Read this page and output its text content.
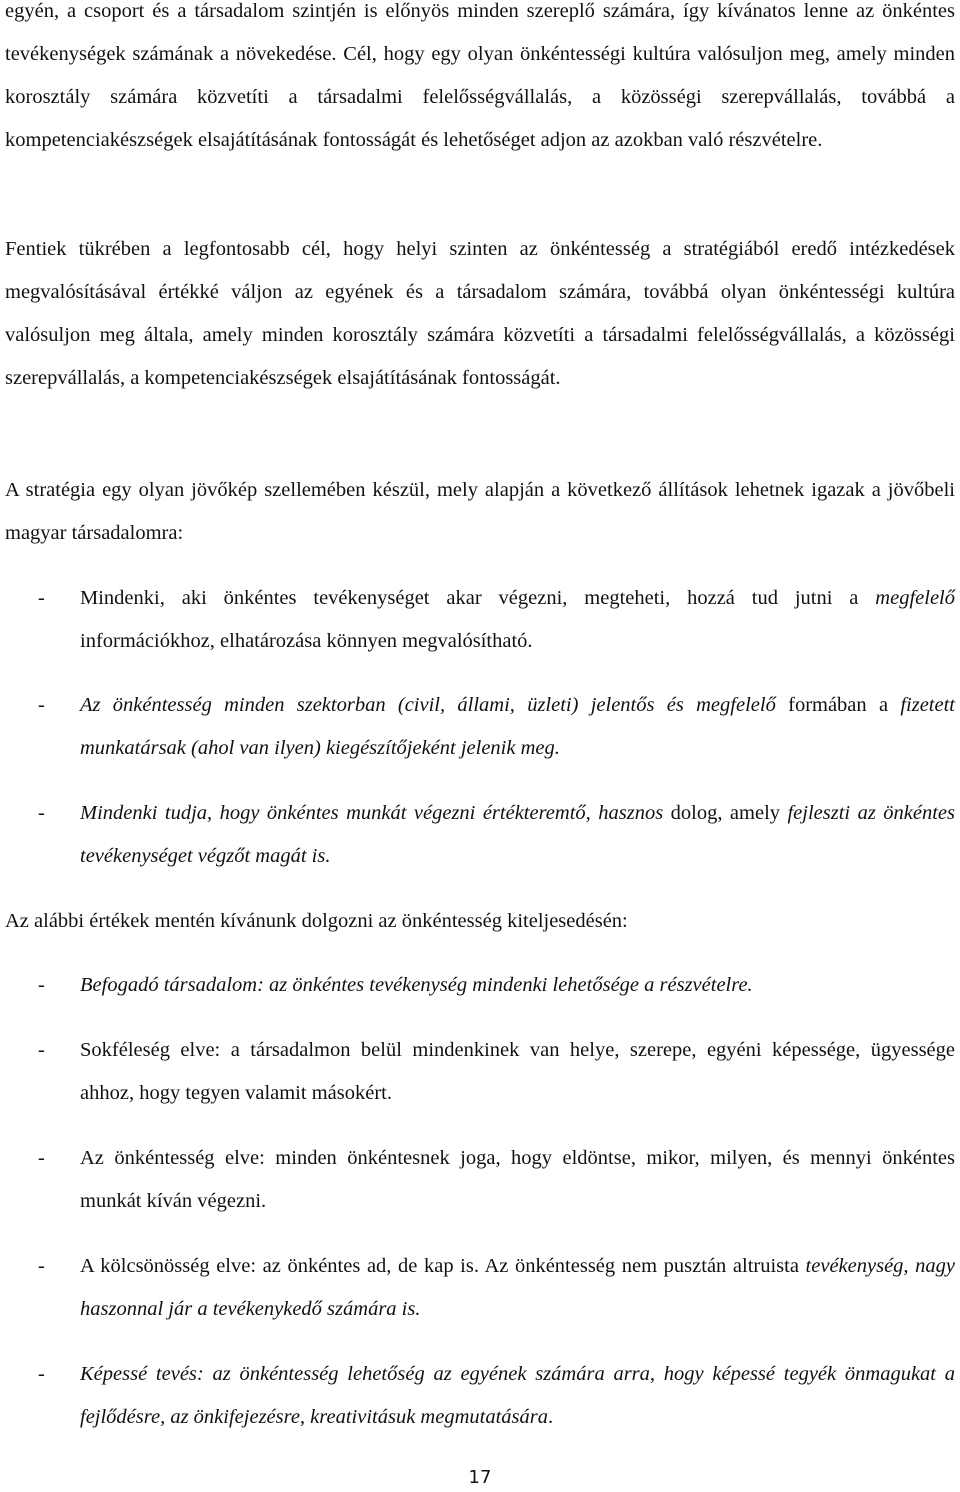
egyén, a csoport és a társadalom szintjén is előnyös minden szereplő számára, így kívánatos lenne az önkéntes tevékenységek számának a növekedése. Cél, hogy egy olyan önkéntességi kultúra valósuljon meg, amely minden korosztály számára közvetíti a társadalmi felelősségvállalás, a közösségi szerepvállalás, továbbá a kompetenciakészségek elsajátításának fontosságát és lehetőséget adjon az azokban való részvételre.

Fentiek tükrében a legfontosabb cél, hogy helyi szinten az önkéntesség a stratégiából eredő intézkedések megvalósításával értékké váljon az egyének és a társadalom számára, továbbá olyan önkéntességi kultúra valósuljon meg általa, amely minden korosztály számára közvetíti a társadalmi felelősségvállalás, a közösségi szerepvállalás, a kompetenciakészségek elsajátításának fontosságát.

A stratégia egy olyan jövőkép szellemében készül, mely alapján a következő állítások lehetnek igazak a jövőbeli magyar társadalomra:

- Mindenki, aki önkéntes tevékenységet akar végezni, megteheti, hozzá tud jutni a megfelelő információkhoz, elhatározása könnyen megvalósítható.

- Az önkéntesség minden szektorban (civil, állami, üzleti) jelentős és megfelelő formában a fizetett munkatársak (ahol van ilyen) kiegészítőjeként jelenik meg.

- Mindenki tudja, hogy önkéntes munkát végezni értékteremtő, hasznos dolog, amely fejleszti az önkéntes tevékenységet végzőt magát is.

Az alábbi értékek mentén kívánunk dolgozni az önkéntesség kiteljesedésén:

- Befogadó társadalom: az önkéntes tevékenység mindenki lehetősége a részvételre.

- Sokféleség elve: a társadalmon belül mindenkinek van helye, szerepe, egyéni képessége, ügyessége ahhoz, hogy tegyen valamit másokért.

- Az önkéntesség elve: minden önkéntesnek joga, hogy eldöntse, mikor, milyen, és mennyi önkéntes munkát kíván végezni.

- A kölcsönösség elve: az önkéntes ad, de kap is. Az önkéntesség nem pusztán altruista tevékenység, nagy haszonnal jár a tevékenykedő számára is.

- Képessé tevés: az önkéntesség lehetőség az egyének számára arra, hogy képessé tegyék önmagukat a fejlődésre, az önkifejezésre, kreativitásuk megmutatására.

17
